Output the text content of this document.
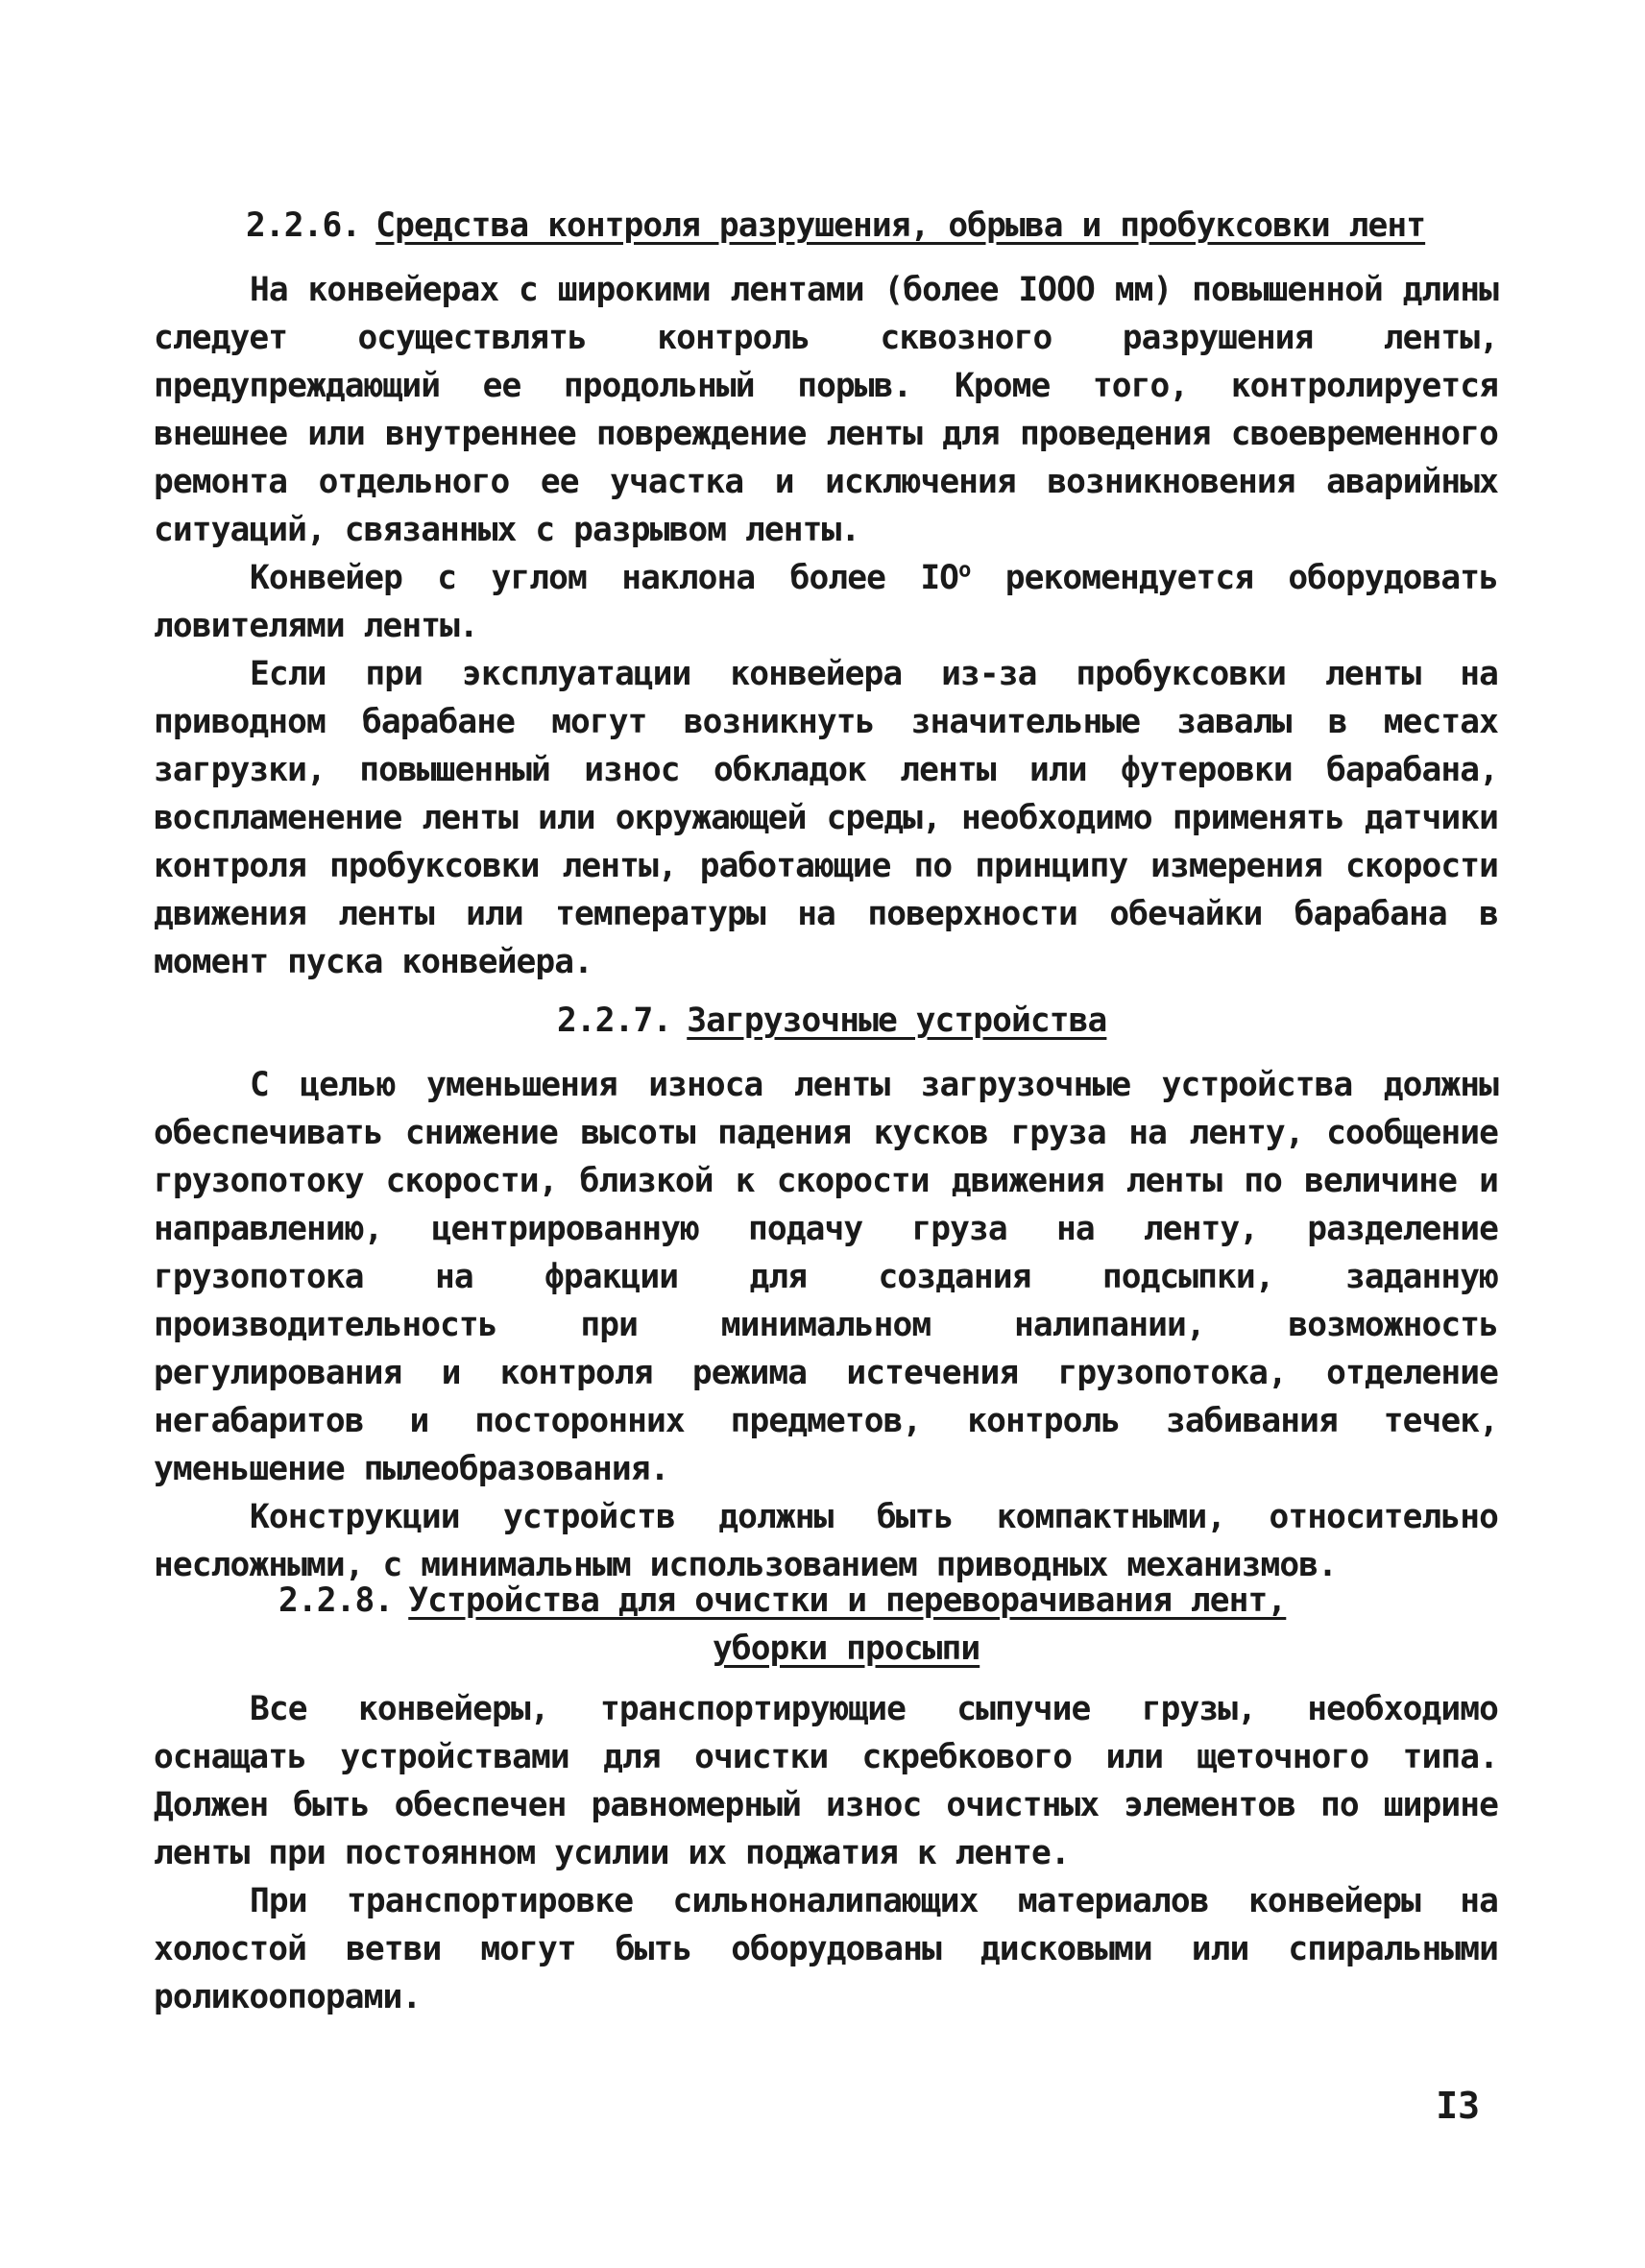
2.2.6. Средства контроля разрушения, обрыва и пробуксовки лент

На конвейерах с широкими лентами (более IOOO мм) повышенной длины следует осуществлять контроль сквозного разрушения ленты, предупреждающий ее продольный порыв. Кроме того, контролируется внешнее или внутреннее повреждение ленты для проведения своевременного ремонта отдельного ее участка и исключения возникновения аварийных ситуаций, связанных с разрывом ленты.

Конвейер с углом наклона более $IO^o$ рекомендуется оборудовать ловителями ленты.

Если при эксплуатации конвейера из-за пробуксовки ленты на приводном барабане могут возникнуть значительные завалы в местах загрузки, повышенный износ обкладок ленты или футеровки барабана, воспламенение ленты или окружающей среды, необходимо применять датчики контроля пробуксовки ленты, работающие по принципу измерения скорости движения ленты или температуры на поверхности обечайки барабана в момент пуска конвейера.

2.2.7. Загрузочные устройства

С целью уменьшения износа ленты загрузочные устройства должны обеспечивать снижение высоты падения кусков груза на ленту, сообщение грузопотоку скорости, близкой к скорости движения ленты по величине и направлению, центрированную подачу груза на ленту, разделение грузопотока на фракции для создания подсыпки, заданную производительность при минимальном налипании, возможность регулирования и контроля режима истечения грузопотока, отделение негабаритов и посторонних предметов, контроль забивания течек, уменьшение пылеобразования.

Конструкции устройств должны быть компактными, относительно несложными, с минимальным использованием приводных механизмов.

2.2.8. Устройства для очистки и переворачивания лент,
уборки просыпи

Все конвейеры, транспортирующие сыпучие грузы, необходимо оснащать устройствами для очистки скребкового или щеточного типа. Должен быть обеспечен равномерный износ очистных элементов по ширине ленты при постоянном усилии их поджатия к ленте.

При транспортировке сильноналипающих материалов конвейеры на холостой ветви могут быть оборудованы дисковыми или спиральными роликоопорами.

I3
